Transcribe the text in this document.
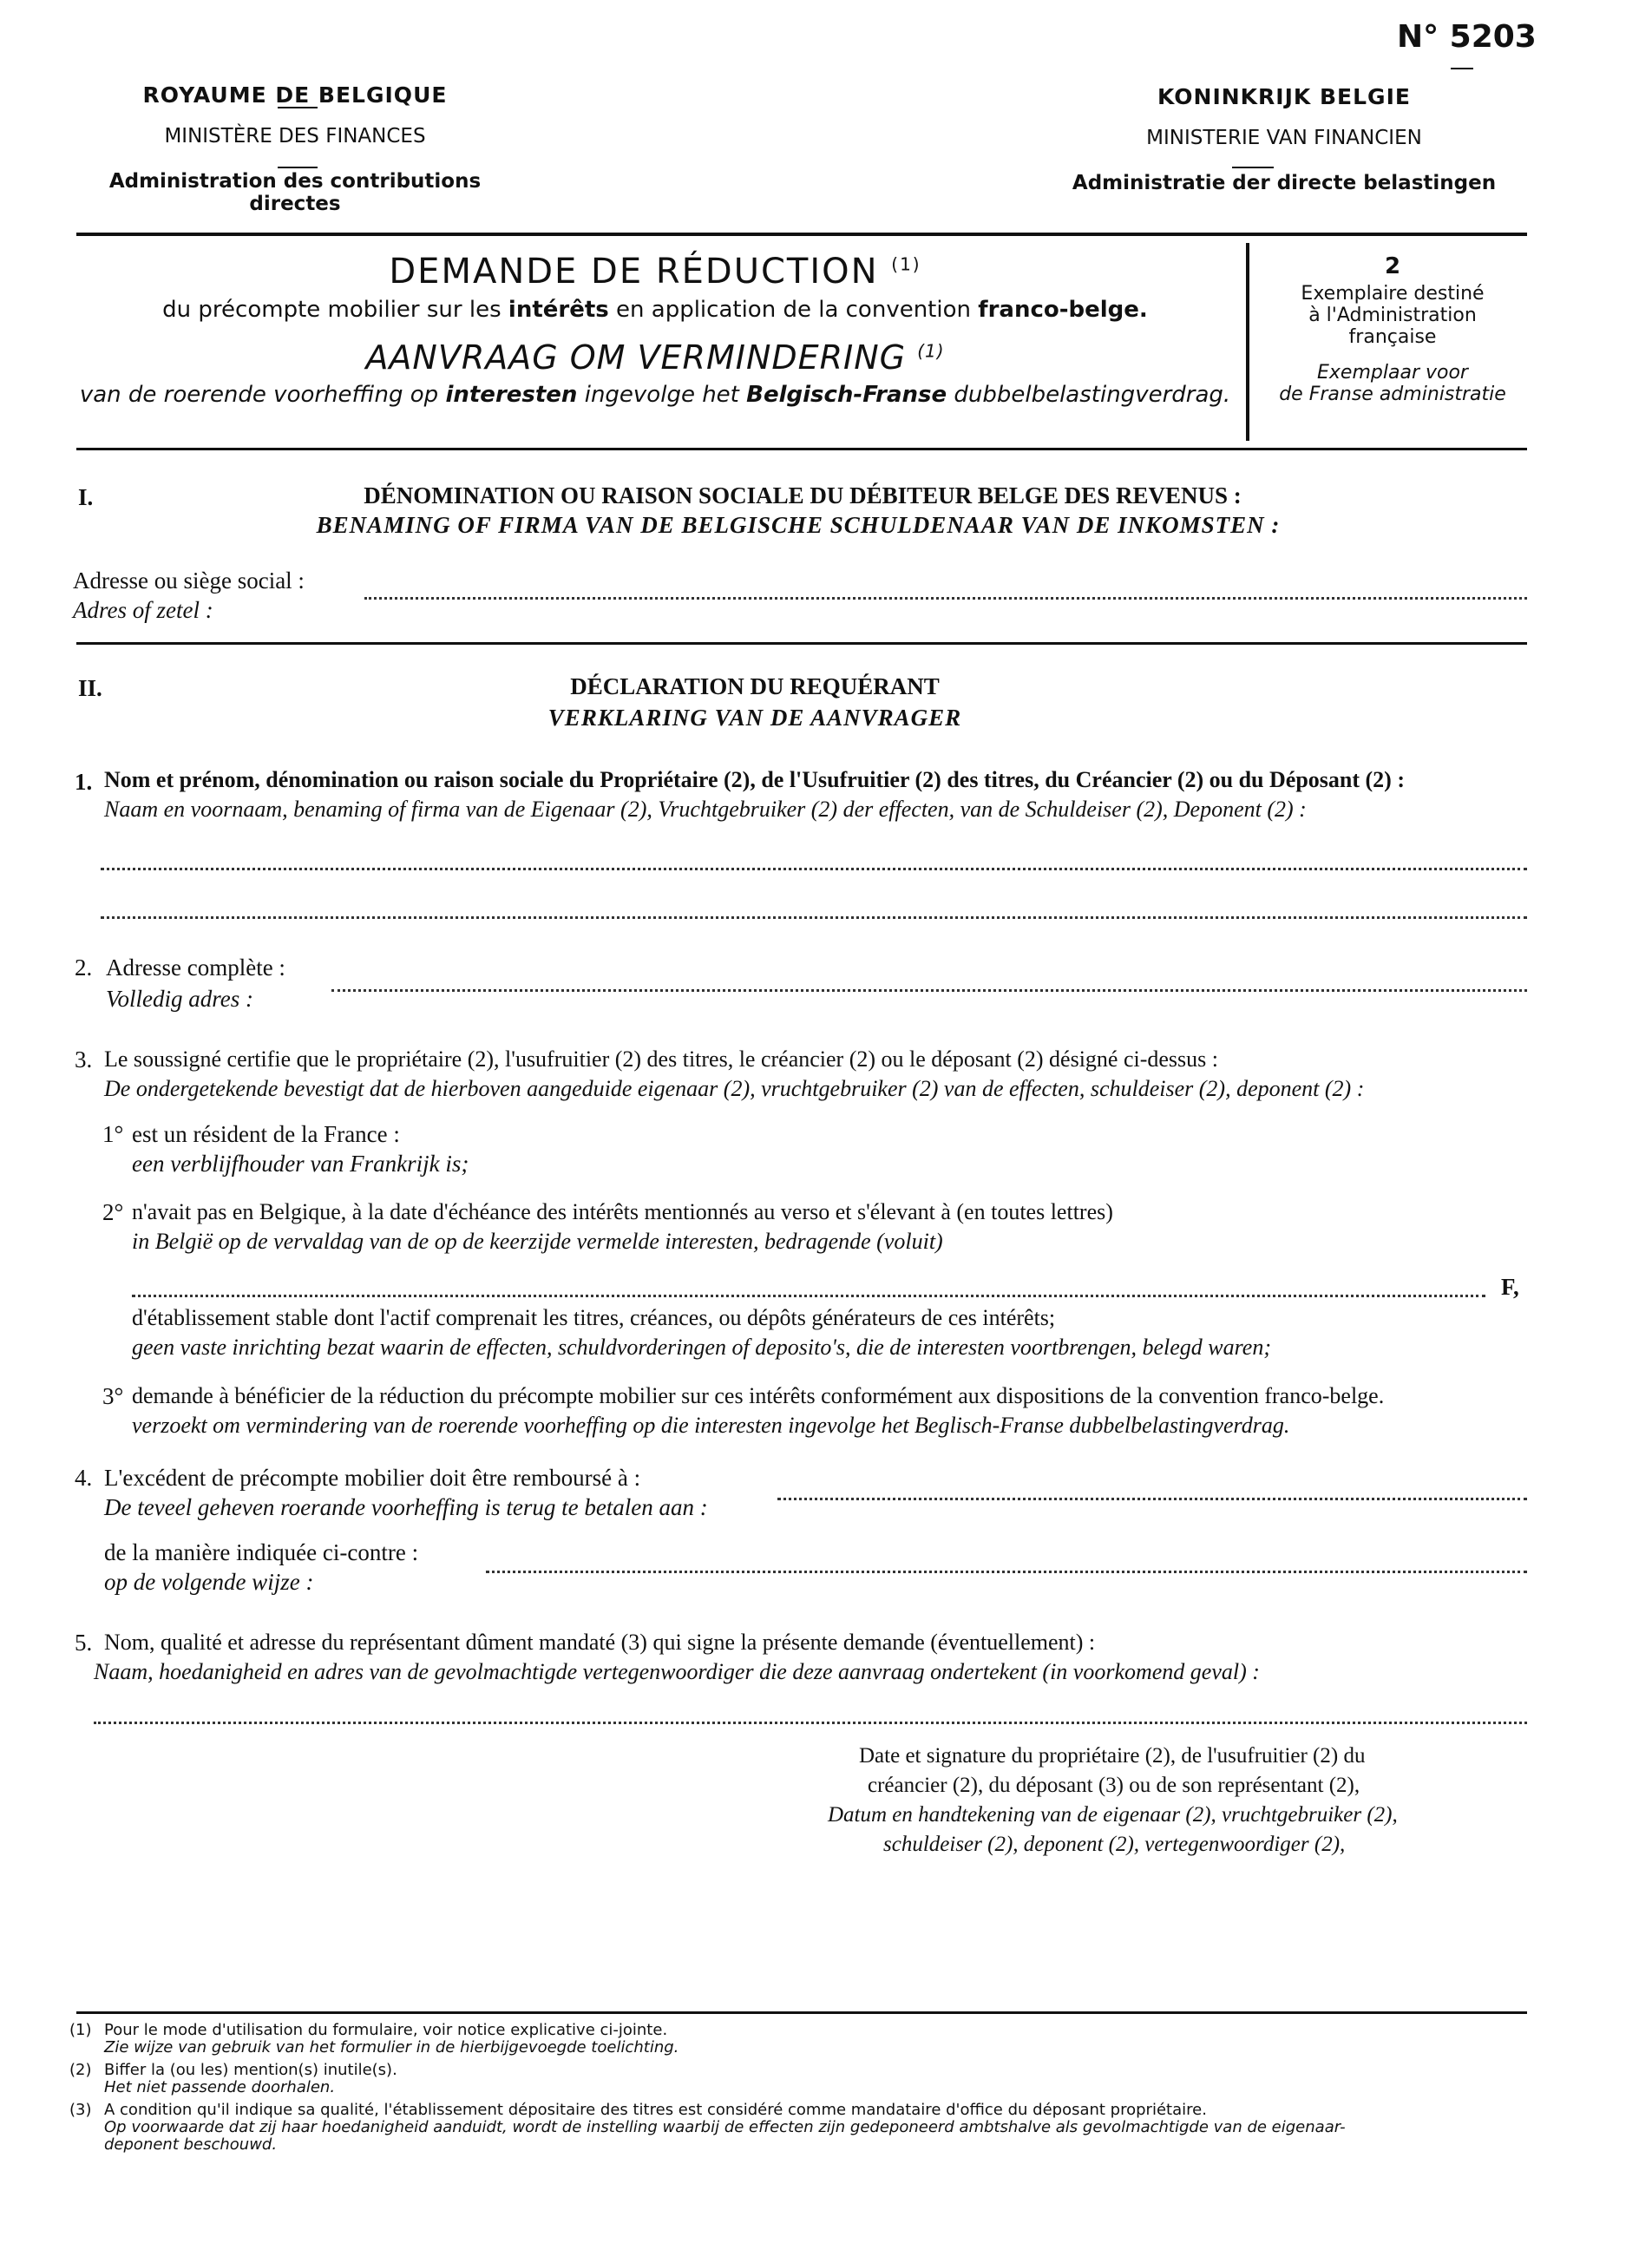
N° 5203
ROYAUME DE BELGIQUE
MINISTÈRE DES FINANCES
Administration des contributions directes
KONINKRIJK BELGIE
MINISTERIE VAN FINANCIEN
Administratie der directe belastingen
DEMANDE DE RÉDUCTION $^{(1)}$
du précompte mobilier sur les intérêts en application de la convention franco-belge.
AANVRAAG OM VERMINDERING $^{(1)}$
van de roerende voorheffing op interesten ingevolge het Belgisch-Franse dubbelbelastingverdrag.
2
Exemplaire destiné
à l'Administration
française
Exemplaar voor
de Franse administratie
I.	DÉNOMINATION OU RAISON SOCIALE DU DÉBITEUR BELGE DES REVENUS :
BENAMING OF FIRMA VAN DE BELGISCHE SCHULDENAAR VAN DE INKOMSTEN :
Adresse ou siège social :
Adres of zetel :
II.	DÉCLARATION DU REQUÉRANT
VERKLARING VAN DE AANVRAGER
1. Nom et prénom, dénomination ou raison sociale du Propriétaire (2), de l'Usufruitier (2) des titres, du Créancier (2) ou du Déposant (2) :
Naam en voornaam, benaming of firma van de Eigenaar (2), Vruchtgebruiker (2) der effecten, van de Schuldeiser (2), Deponent (2) :
2. Adresse complète :
Volledig adres :
3. Le soussigné certifie que le propriétaire (2), l'usufruitier (2) des titres, le créancier (2) ou le déposant (2) désigné ci-dessus :
De ondergetekende bevestigt dat de hierboven aangeduide eigenaar (2), vruchtgebruiker (2) van de effecten, schuldeiser (2), deponent (2) :
1° est un résident de la France :
een verblijfhouder van Frankrijk is;
2° n'avait pas en Belgique, à la date d'échéance des intérêts mentionnés au verso et s'élevant à (en toutes lettres)
in België op de vervaldag van de op de keerzijde vermelde interesten, bedragende (voluit)
F,
d'établissement stable dont l'actif comprenait les titres, créances, ou dépôts générateurs de ces intérêts;
geen vaste inrichting bezat waarin de effecten, schuldvorderingen of deposito's, die de interesten voortbrengen, belegd waren;
3° demande à bénéficier de la réduction du précompte mobilier sur ces intérêts conformément aux dispositions de la convention franco-belge.
verzoekt om vermindering van de roerende voorheffing op die interesten ingevolge het Beglisch-Franse dubbelbelastingverdrag.
4. L'excédent de précompte mobilier doit être remboursé à :
De teveel geheven roerande voorheffing is terug te betalen aan :
de la manière indiquée ci-contre :
op de volgende wijze :
5. Nom, qualité et adresse du représentant dûment mandaté (3) qui signe la présente demande (éventuellement) :
Naam, hoedanigheid en adres van de gevolmachtigde vertegenwoordiger die deze aanvraag ondertekent (in voorkomend geval) :
Date et signature du propriétaire (2), de l'usufruitier (2) du
créancier (2), du déposant (3) ou de son représentant (2),
Datum en handtekening van de eigenaar (2), vruchtgebruiker (2),
schuldeiser (2), deponent (2), vertegenwoordiger (2),
(1) Pour le mode d'utilisation du formulaire, voir notice explicative ci-jointe.
Zie wijze van gebruik van het formulier in de hierbijgevoegde toelichting.
(2) Biffer la (ou les) mention(s) inutile(s).
Het niet passende doorhalen.
(3) A condition qu'il indique sa qualité, l'établissement dépositaire des titres est considéré comme mandataire d'office du déposant propriétaire.
Op voorwaarde dat zij haar hoedanigheid aanduidt, wordt de instelling waarbij de effecten zijn gedeponeerd ambtshalve als gevolmachtigde van de eigenaar-
deponent beschouwd.
